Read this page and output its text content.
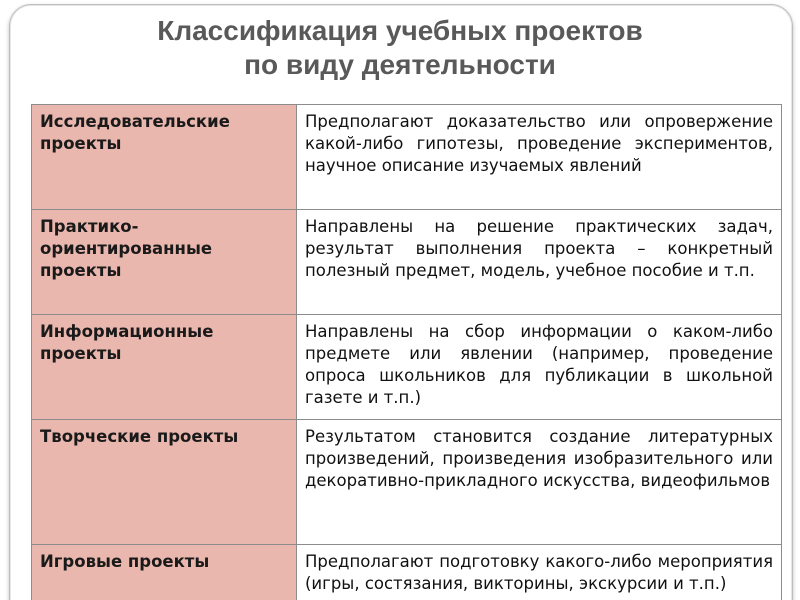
Классификация учебных проектов
по виду деятельности
Исследовательские проекты	Предполагают доказательство или опровержение какой-либо гипотезы, проведение экспериментов, научное описание изучаемых явлений
Практико-ориентированные проекты	Направлены на решение практических задач, результат выполнения проекта – конкретный полезный предмет, модель, учебное пособие и т.п.
Информационные проекты	Направлены на сбор информации о каком-либо предмете или явлении (например, проведение опроса школьников для публикации в школьной газете и т.п.)
Творческие проекты	Результатом становится создание литературных произведений, произведения изобразительного или декоративно-прикладного искусства, видеофильмов
Игровые проекты	Предполагают подготовку какого-либо мероприятия (игры, состязания, викторины, экскурсии и т.п.)
